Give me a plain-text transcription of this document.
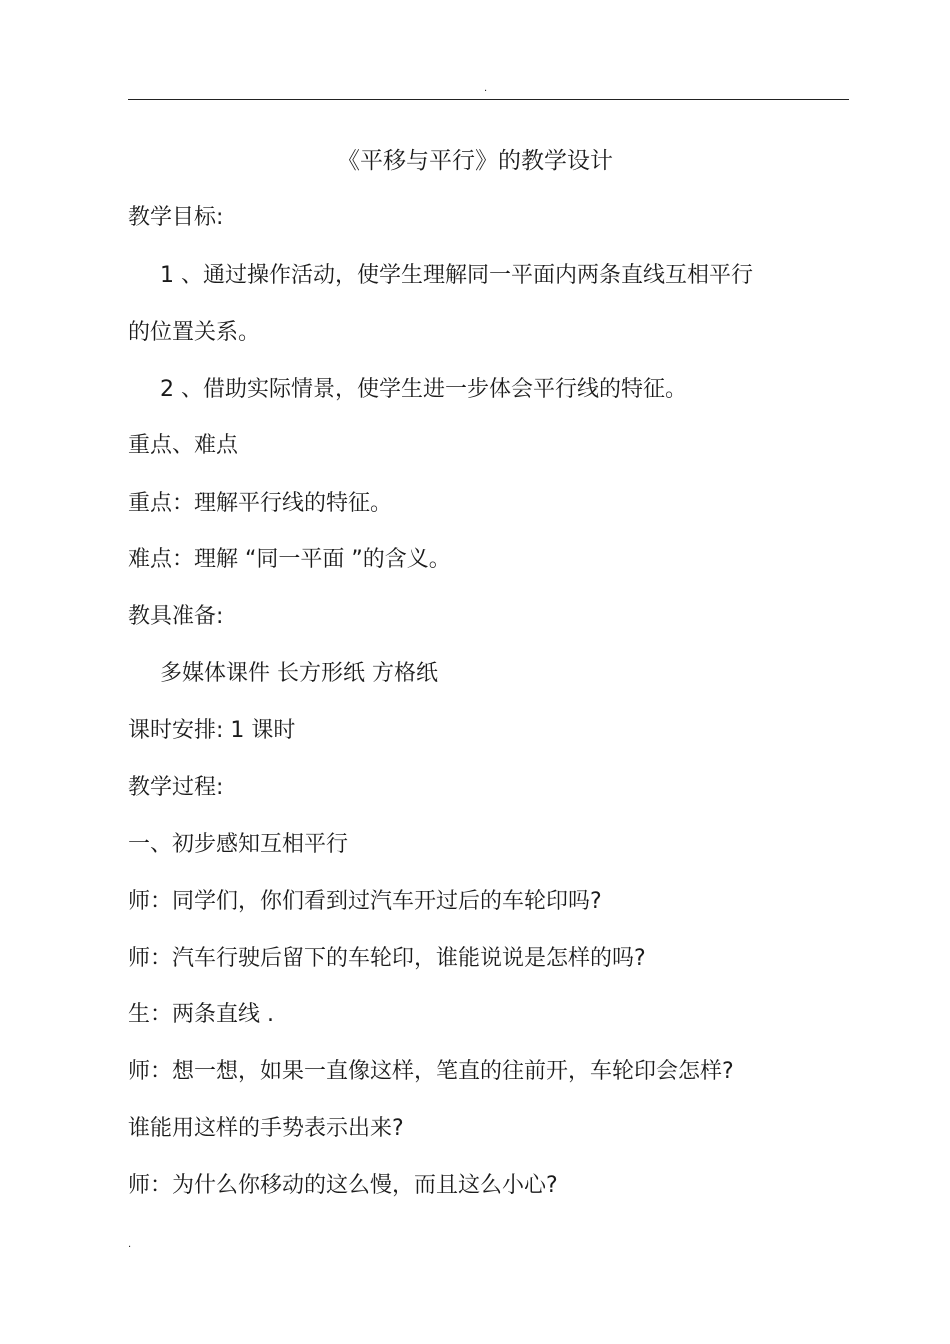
.
《平移与平行》的教学设计
教学目标:
1 、通过操作活动，使学生理解同一平面内两条直线互相平行
的位置关系。
2 、借助实际情景，使学生进一步体会平行线的特征。
重点、难点
重点：理解平行线的特征。
难点：理解 “同一平面 ”的含义。
教具准备:
多媒体课件 长方形纸 方格纸
课时安排: 1 课时
教学过程:
一、初步感知互相平行
师：同学们，你们看到过汽车开过后的车轮印吗?
师：汽车行驶后留下的车轮印，谁能说说是怎样的吗?
生：两条直线 .
师：想一想，如果一直像这样，笔直的往前开，车轮印会怎样?
谁能用这样的手势表示出来?
师：为什么你移动的这么慢，而且这么小心?
.
